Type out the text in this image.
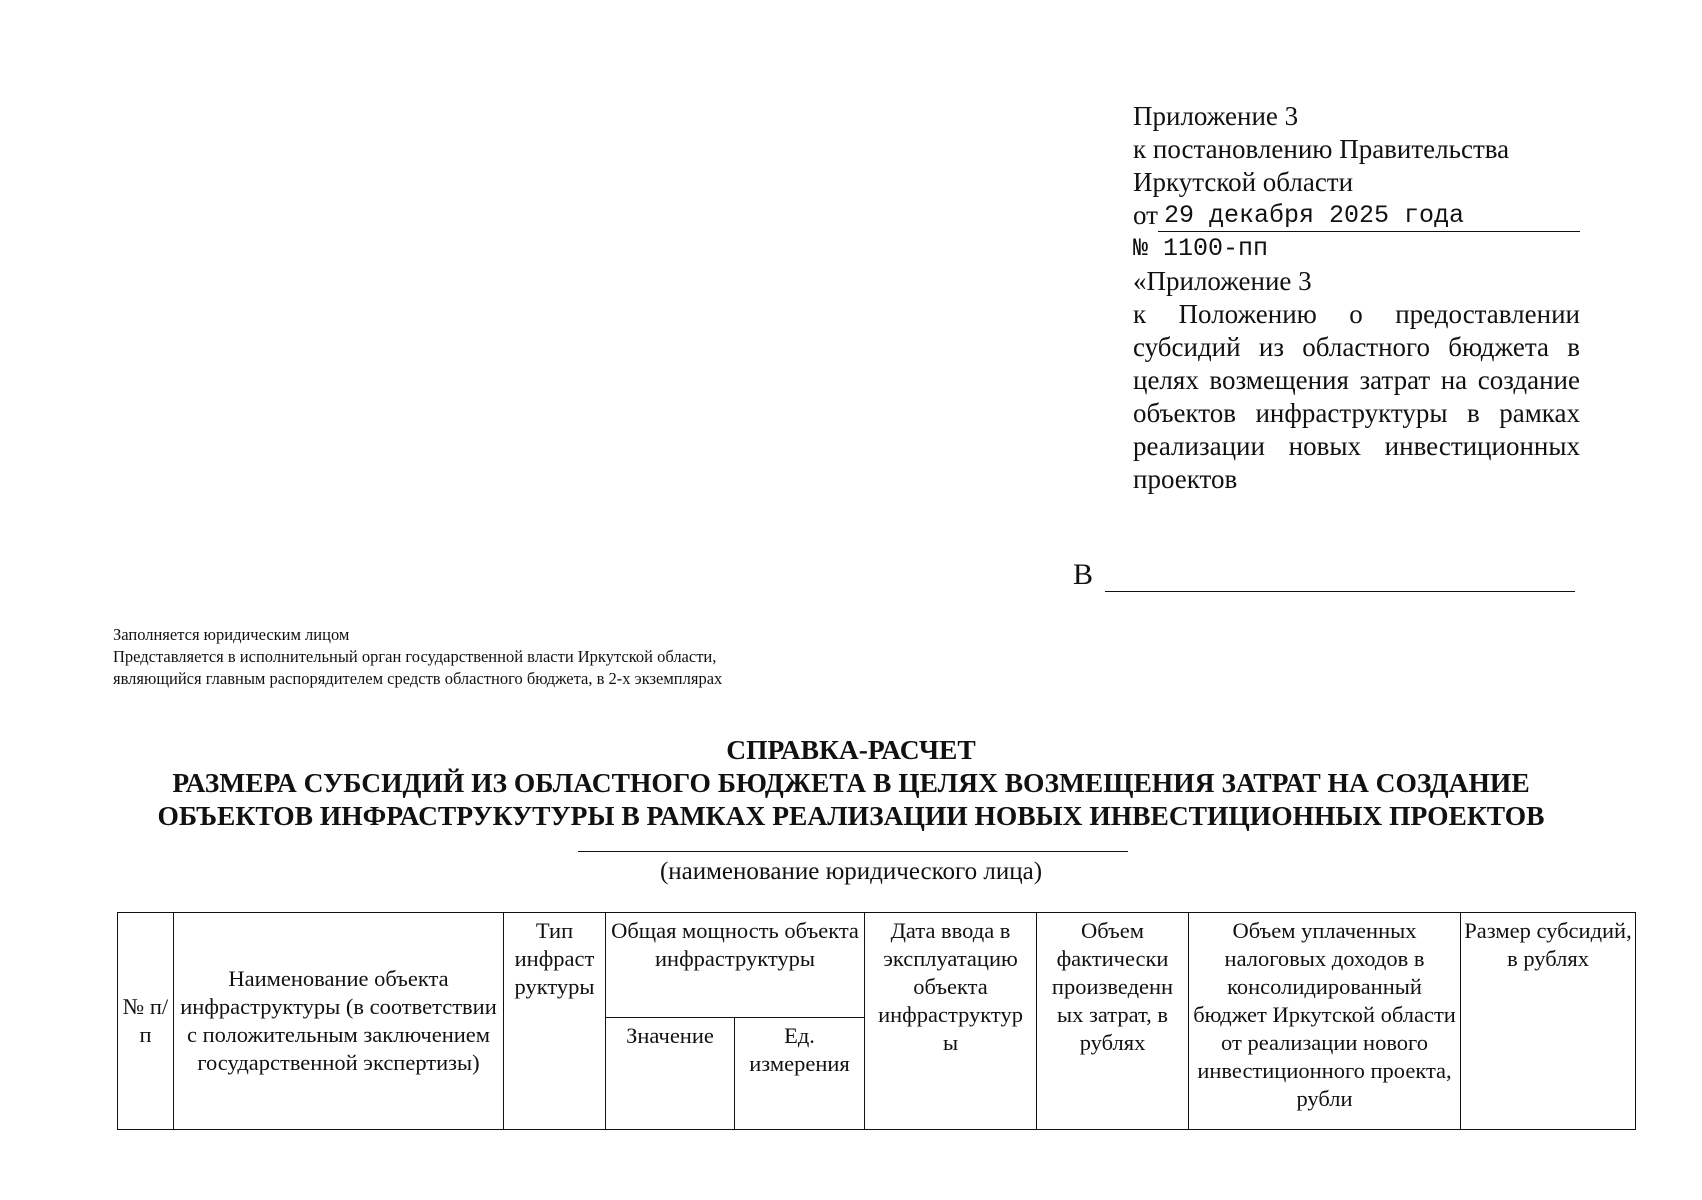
Приложение 3
к постановлению Правительства
Иркутской области
от 29 декабря 2025 года
№ 1100-пп
«Приложение 3
к Положению о предоставлении субсидий из областного бюджета в целях возмещения затрат на создание объектов инфраструктуры в рамках реализации новых инвестиционных проектов
В
Заполняется юридическим лицом
Представляется в исполнительный орган государственной власти Иркутской области,
являющийся главным распорядителем средств областного бюджета, в 2-х экземплярах
СПРАВКА-РАСЧЕТ
РАЗМЕРА СУБСИДИЙ ИЗ ОБЛАСТНОГО БЮДЖЕТА В ЦЕЛЯХ ВОЗМЕЩЕНИЯ ЗАТРАТ НА СОЗДАНИЕ
ОБЪЕКТОВ ИНФРАСТРУКУТУРЫ В РАМКАХ РЕАЛИЗАЦИИ НОВЫХ ИНВЕСТИЦИОННЫХ ПРОЕКТОВ
(наименование юридического лица)
№ п/п	Наименование объекта инфраструктуры (в соответствии с положительным заключением государственной экспертизы)	Тип инфраст руктуры	Общая мощность объекта инфраструктуры		Дата ввода в эксплуатацию объекта инфраструктур ы	Объем фактически произведенн ых затрат, в рублях	Объем уплаченных налоговых доходов в консолидированный бюджет Иркутской области от реализации нового инвестиционного проекта, рубли	Размер субсидий, в рублях
			Значение	Ед. измерения				
